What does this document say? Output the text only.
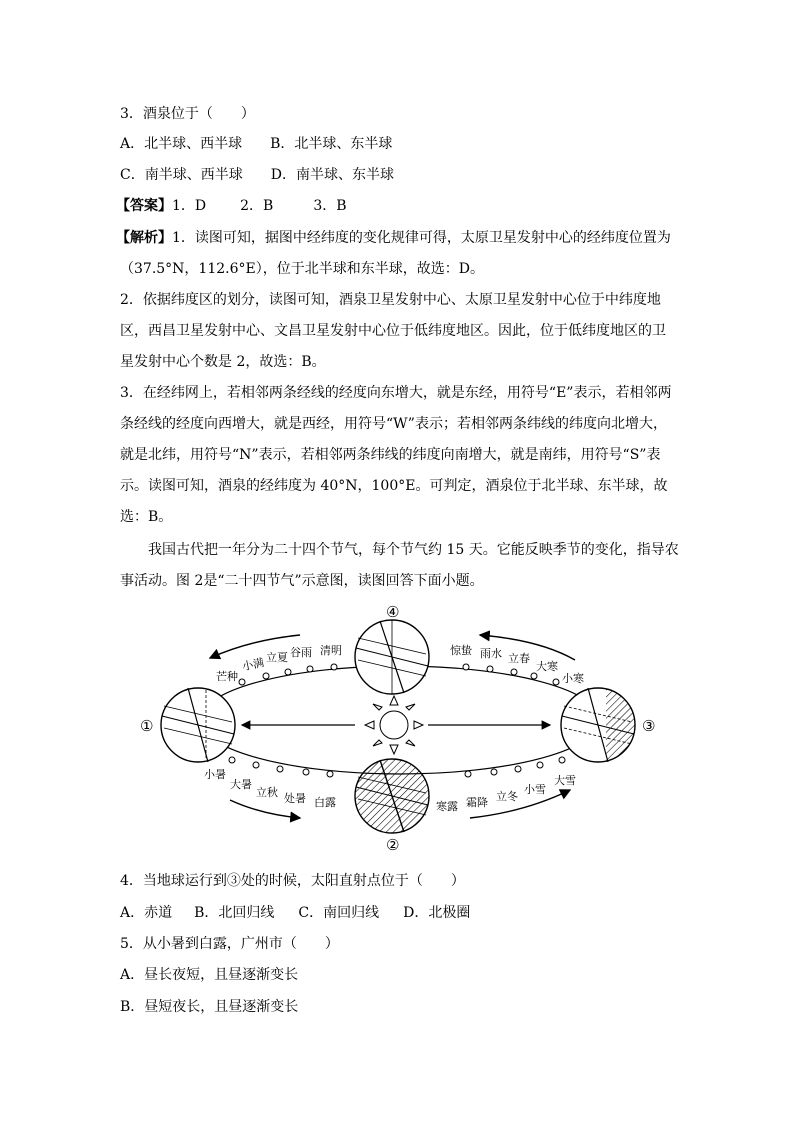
3．酒泉位于（　　）
A．北半球、西半球 B．北半球、东半球
C．南半球、西半球 D．南半球、东半球
【答案】1．D 2．B	3．B
【解析】1．读图可知，据图中经纬度的变化规律可得，太原卫星发射中心的经纬度位置为
（37.5°N，112.6°E），位于北半球和东半球，故选：D。
2．依据纬度区的划分，读图可知，酒泉卫星发射中心、太原卫星发射中心位于中纬度地
区，西昌卫星发射中心、文昌卫星发射中心位于低纬度地区。因此，位于低纬度地区的卫
星发射中心个数是 2，故选：B。
3．在经纬网上，若相邻两条经线的经度向东增大，就是东经，用符号“E”表示，若相邻两
条经线的经度向西增大，就是西经，用符号“W”表示；若相邻两条纬线的纬度向北增大，
就是北纬，用符号“N”表示，若相邻两条纬线的纬度向南增大，就是南纬，用符号“S”表
示。读图可知，酒泉的经纬度为 40°N，100°E。可判定，酒泉位于北半球、东半球，故
选：B。
我国古代把一年分为二十四个节气，每个节气约 15 天。它能反映季节的变化，指导农
事活动。图 2是“二十四节气”示意图，读图回答下面小题。
①
②
③
④
芒种
小满 立夏 谷雨 清明	惊蛰 雨水 立春
大寒
小寒
小暑
大暑
立秋 处暑 白露	寒露 霜降 立冬
小雪
大雪
4．当地球运行到③处的时候，太阳直射点位于（　　）
A．赤道 B．北回归线 C．南回归线 D．北极圈
5．从小暑到白露，广州市（　　）
A．昼长夜短，且昼逐渐变长
B．昼短夜长，且昼逐渐变长
